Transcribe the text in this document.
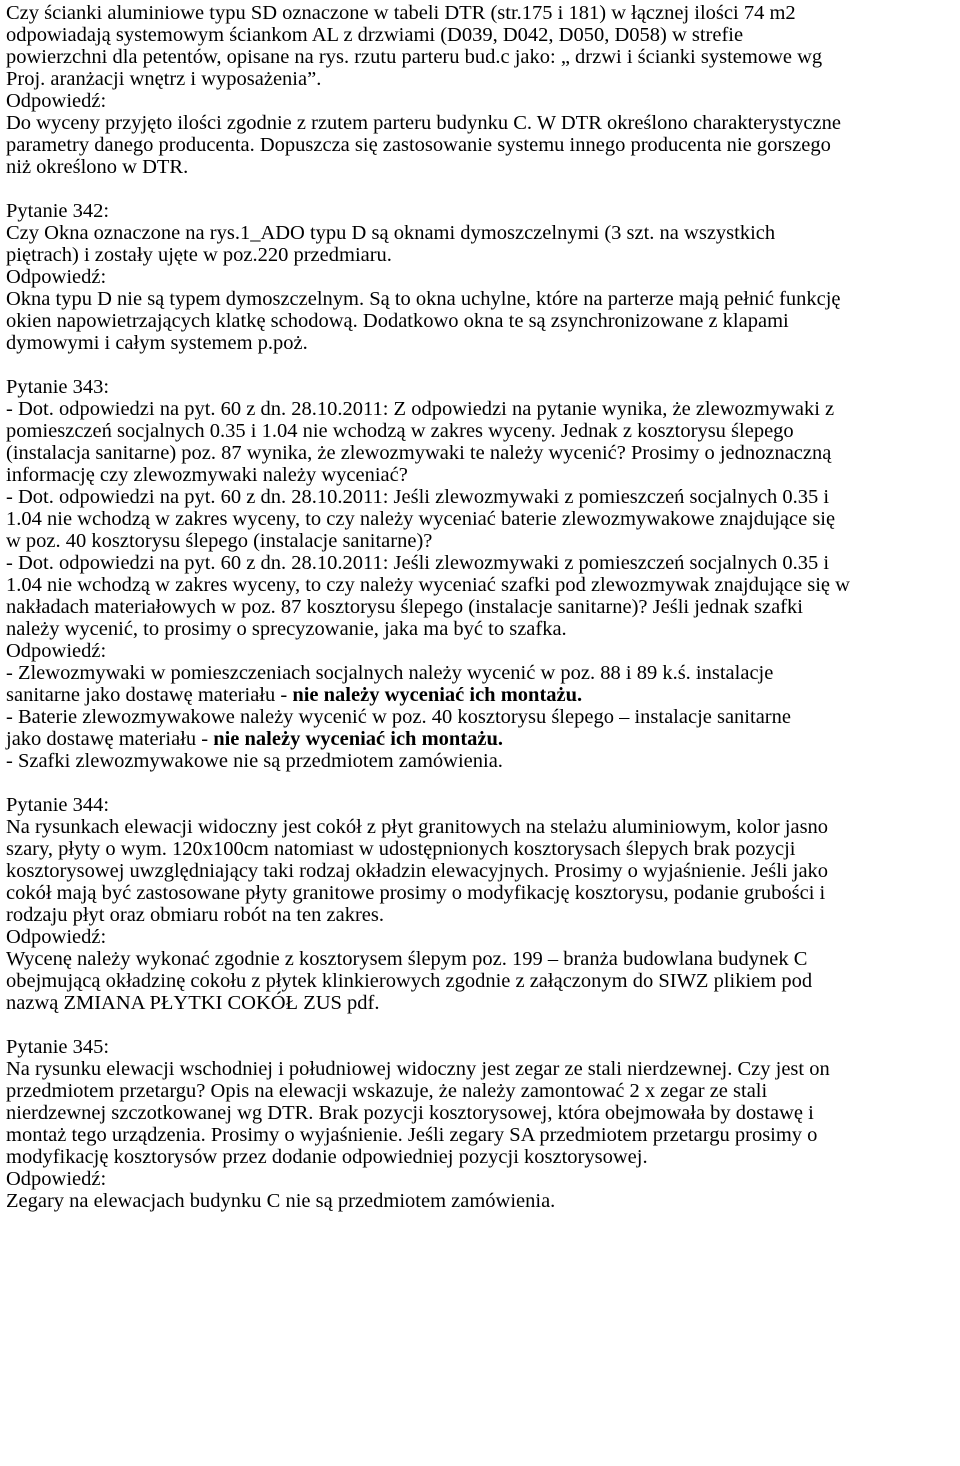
Czy ścianki aluminiowe typu SD oznaczone w tabeli DTR (str.175 i 181) w łącznej ilości 74 m2
odpowiadają systemowym ściankom AL z drzwiami (D039, D042, D050, D058) w strefie
powierzchni dla petentów, opisane na rys. rzutu parteru bud.c jako: „ drzwi i ścianki systemowe wg
Proj. aranżacji wnętrz i wyposażenia”.
Odpowiedź:
Do wyceny przyjęto ilości zgodnie z rzutem parteru budynku C. W DTR określono charakterystyczne
parametry danego producenta. Dopuszcza się zastosowanie systemu innego producenta nie gorszego
niż określono w DTR.
Pytanie 342:
Czy Okna oznaczone na rys.1_ADO typu D są oknami dymoszczelnymi (3 szt. na wszystkich
piętrach) i zostały ujęte w poz.220 przedmiaru.
Odpowiedź:
Okna typu D nie są typem dymoszczelnym. Są to okna uchylne, które na parterze mają pełnić funkcję
okien napowietrzających klatkę schodową. Dodatkowo okna te są zsynchronizowane z klapami
dymowymi i całym systemem p.poż.
Pytanie 343:
- Dot. odpowiedzi na pyt. 60 z dn. 28.10.2011: Z odpowiedzi na pytanie wynika, że zlewozmywaki z
pomieszczeń socjalnych 0.35 i 1.04 nie wchodzą w zakres wyceny. Jednak z kosztorysu ślepego
(instalacja sanitarne) poz. 87 wynika, że zlewozmywaki te należy wycenić? Prosimy o jednoznaczną
informację czy zlewozmywaki należy wyceniać?
- Dot. odpowiedzi na pyt. 60 z dn. 28.10.2011: Jeśli zlewozmywaki z pomieszczeń socjalnych 0.35 i
1.04 nie wchodzą w zakres wyceny, to czy należy wyceniać baterie zlewozmywakowe znajdujące się
w poz. 40 kosztorysu ślepego (instalacje sanitarne)?
- Dot. odpowiedzi na pyt. 60 z dn. 28.10.2011: Jeśli zlewozmywaki z pomieszczeń socjalnych 0.35 i
1.04 nie wchodzą w zakres wyceny, to czy należy wyceniać szafki pod zlewozmywak znajdujące się w
nakładach materiałowych w poz. 87 kosztorysu ślepego (instalacje sanitarne)? Jeśli jednak szafki
należy wycenić, to prosimy o sprecyzowanie, jaka ma być to szafka.
Odpowiedź:
- Zlewozmywaki w pomieszczeniach socjalnych należy wycenić w poz. 88 i 89 k.ś. instalacje
sanitarne jako dostawę materiału - nie należy wyceniać ich montażu.
- Baterie zlewozmywakowe należy wycenić w poz. 40 kosztorysu ślepego – instalacje sanitarne
jako dostawę materiału - nie należy wyceniać ich montażu.
- Szafki zlewozmywakowe nie są przedmiotem zamówienia.
Pytanie 344:
Na rysunkach elewacji widoczny jest cokół z płyt granitowych na stelażu aluminiowym, kolor jasno
szary, płyty o wym. 120x100cm natomiast w udostępnionych kosztorysach ślepych brak pozycji
kosztorysowej uwzględniający taki rodzaj okładzin elewacyjnych. Prosimy o wyjaśnienie. Jeśli jako
cokół mają być zastosowane płyty granitowe prosimy o modyfikację kosztorysu, podanie grubości i
rodzaju płyt oraz obmiaru robót na ten zakres.
Odpowiedź:
Wycenę należy wykonać zgodnie z kosztorysem ślepym poz. 199 – branża budowlana budynek C
obejmującą okładzinę cokołu z płytek klinkierowych zgodnie z załączonym do SIWZ plikiem pod
nazwą ZMIANA PŁYTKI COKÓŁ ZUS pdf.
Pytanie 345:
Na rysunku elewacji wschodniej i południowej widoczny jest zegar ze stali nierdzewnej. Czy jest on
przedmiotem przetargu? Opis na elewacji wskazuje, że należy zamontować 2 x zegar ze stali
nierdzewnej szczotkowanej wg DTR. Brak pozycji kosztorysowej, która obejmowała by dostawę i
montaż tego urządzenia. Prosimy o wyjaśnienie. Jeśli zegary SA przedmiotem przetargu prosimy o
modyfikację kosztorysów przez dodanie odpowiedniej pozycji kosztorysowej.
Odpowiedź:
Zegary na elewacjach budynku C nie są przedmiotem zamówienia.
